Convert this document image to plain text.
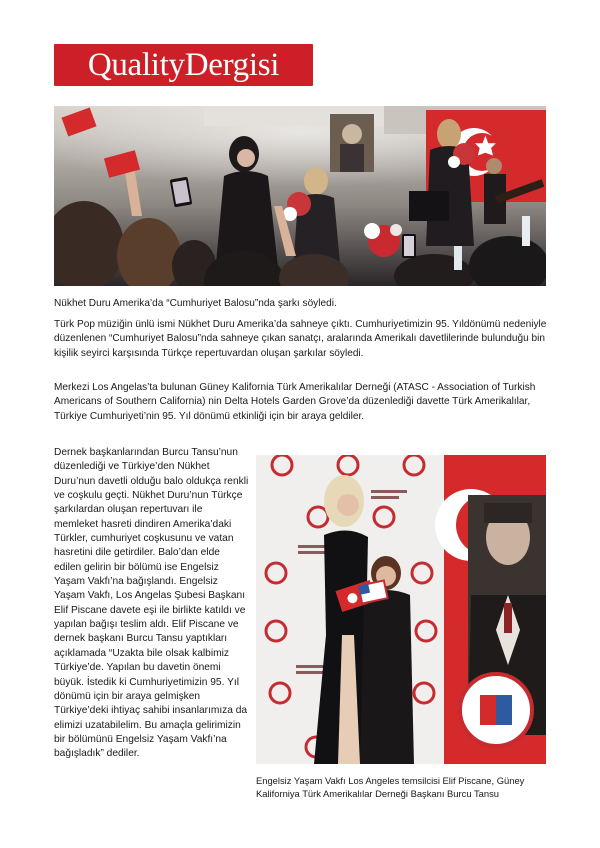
QualityDergisi

Nükhet Duru Amerika’da “Cumhuriyet Balosu”nda şarkı söyledi.

Türk Pop müziğin ünlü ismi Nükhet Duru Amerika’da sahneye çıktı. Cumhuriyetimizin 95. Yıldönümü nedeniyle düzenlenen “Cumhuriyet Balosu”nda sahneye çıkan sanatçı, aralarında Amerikalı davetlilerinde bulunduğu bin kişilik seyirci karşısında Türkçe repertuvardan oluşan şarkılar söyledi.

Merkezi Los Angelas’ta bulunan Güney Kalifornia Türk Amerikalılar Derneği (ATASC - Association of Turkish Americans of Southern California) nin Delta Hotels Garden Grove’da düzenlediği davette Türk Amerikalılar, Türkiye Cumhuriyeti’nin 95. Yıl dönümü etkinliği için bir araya geldiler.

Dernek başkanlarından Burcu Tansu’nun düzenlediği ve Türkiye’den Nükhet Duru’nun davetli olduğu balo oldukça renkli ve coşkulu geçti. Nükhet Duru’nun Türkçe şarkılardan oluşan repertuvarı ile memleket hasreti dindiren Amerika’daki Türkler, cumhuriyet coşkusunu ve vatan hasretini dile getirdiler. Balo’dan elde edilen gelirin bir bölümü ise Engelsiz Yaşam Vakfı’na bağışlandı. Engelsiz Yaşam Vakfı, Los Angelas Şubesi Başkanı Elif Piscane davete eşi ile birlikte katıldı ve yapılan bağışı teslim aldı. Elif Piscane ve dernek başkanı Burcu Tansu yaptıkları açıklamada “Uzakta bile olsak kalbimiz Türkiye’de. Yapılan bu davetin önemi büyük. İstedik ki Cumhuriyetimizin 95. Yıl dönümü için bir araya gelmişken Türkiye’deki ihtiyaç sahibi insanlarımıza da elimizi uzatabilelim. Bu amaçla gelirimizin bir bölümünü Engelsiz Yaşam Vakfı’na bağışladık” dediler.

Engelsiz Yaşam Vakfı Los Angeles temsilcisi Elif Piscane, Güney Kaliforniya Türk Amerikalılar Derneği Başkanı Burcu Tansu
